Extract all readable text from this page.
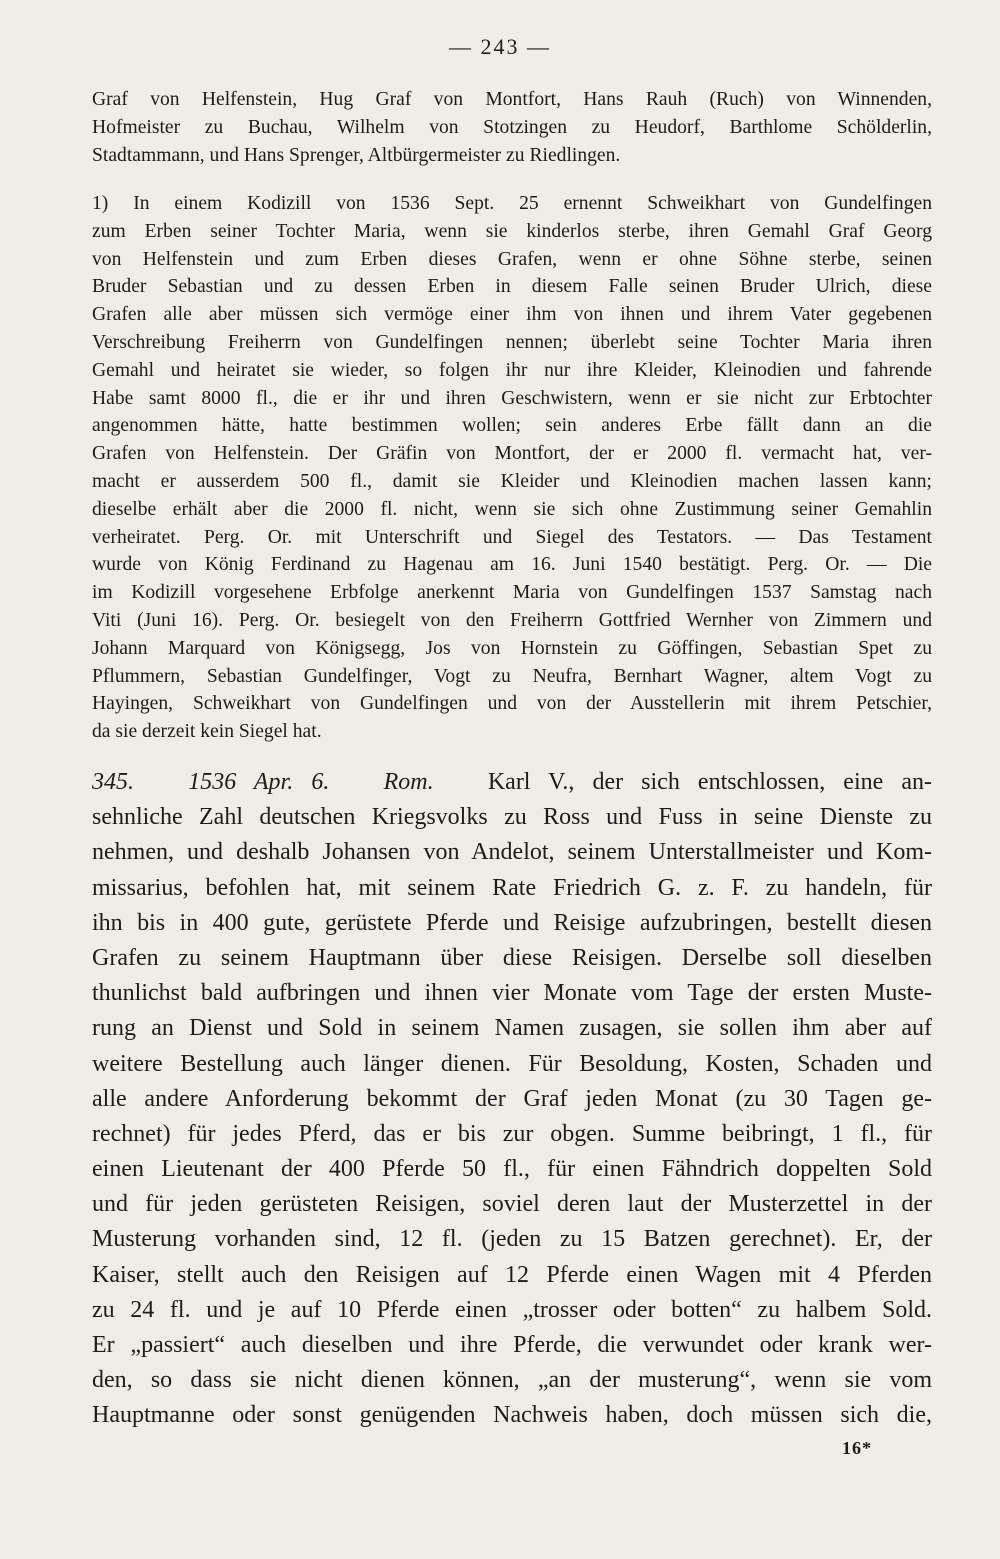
— 243 —
Graf von Helfenstein, Hug Graf von Montfort, Hans Rauh (Ruch) von Winnenden,
Hofmeister zu Buchau, Wilhelm von Stotzingen zu Heudorf, Barthlome Schölderlin,
Stadtammann, und Hans Sprenger, Altbürgermeister zu Riedlingen.
1) In einem Kodizill von 1536 Sept. 25 ernennt Schweikhart von Gundelfingen
zum Erben seiner Tochter Maria, wenn sie kinderlos sterbe, ihren Gemahl Graf Georg
von Helfenstein und zum Erben dieses Grafen, wenn er ohne Söhne sterbe, seinen
Bruder Sebastian und zu dessen Erben in diesem Falle seinen Bruder Ulrich, diese
Grafen alle aber müssen sich vermöge einer ihm von ihnen und ihrem Vater gegebenen
Verschreibung Freiherrn von Gundelfingen nennen; überlebt seine Tochter Maria ihren
Gemahl und heiratet sie wieder, so folgen ihr nur ihre Kleider, Kleinodien und fahrende
Habe samt 8000 fl., die er ihr und ihren Geschwistern, wenn er sie nicht zur Erbtochter
angenommen hätte, hatte bestimmen wollen; sein anderes Erbe fällt dann an die
Grafen von Helfenstein. Der Gräfin von Montfort, der er 2000 fl. vermacht hat, ver-
macht er ausserdem 500 fl., damit sie Kleider und Kleinodien machen lassen kann;
dieselbe erhält aber die 2000 fl. nicht, wenn sie sich ohne Zustimmung seiner Gemahlin
verheiratet. Perg. Or. mit Unterschrift und Siegel des Testators. — Das Testament
wurde von König Ferdinand zu Hagenau am 16. Juni 1540 bestätigt. Perg. Or. — Die
im Kodizill vorgesehene Erbfolge anerkennt Maria von Gundelfingen 1537 Samstag nach
Viti (Juni 16). Perg. Or. besiegelt von den Freiherrn Gottfried Wernher von Zimmern und
Johann Marquard von Königsegg, Jos von Hornstein zu Göffingen, Sebastian Spet zu
Pflummern, Sebastian Gundelfinger, Vogt zu Neufra, Bernhart Wagner, altem Vogt zu
Hayingen, Schweikhart von Gundelfingen und von der Ausstellerin mit ihrem Petschier,
da sie derzeit kein Siegel hat.
345. 1536 Apr. 6. Rom. Karl V., der sich entschlossen, eine an-
sehnliche Zahl deutschen Kriegsvolks zu Ross und Fuss in seine Dienste zu
nehmen, und deshalb Johansen von Andelot, seinem Unterstallmeister und Kom-
missarius, befohlen hat, mit seinem Rate Friedrich G. z. F. zu handeln, für
ihn bis in 400 gute, gerüstete Pferde und Reisige aufzubringen, bestellt diesen
Grafen zu seinem Hauptmann über diese Reisigen. Derselbe soll dieselben
thunlichst bald aufbringen und ihnen vier Monate vom Tage der ersten Muste-
rung an Dienst und Sold in seinem Namen zusagen, sie sollen ihm aber auf
weitere Bestellung auch länger dienen. Für Besoldung, Kosten, Schaden und
alle andere Anforderung bekommt der Graf jeden Monat (zu 30 Tagen ge-
rechnet) für jedes Pferd, das er bis zur obgen. Summe beibringt, 1 fl., für
einen Lieutenant der 400 Pferde 50 fl., für einen Fähndrich doppelten Sold
und für jeden gerüsteten Reisigen, soviel deren laut der Musterzettel in der
Musterung vorhanden sind, 12 fl. (jeden zu 15 Batzen gerechnet). Er, der
Kaiser, stellt auch den Reisigen auf 12 Pferde einen Wagen mit 4 Pferden
zu 24 fl. und je auf 10 Pferde einen „trosser oder botten“ zu halbem Sold.
Er „passiert“ auch dieselben und ihre Pferde, die verwundet oder krank wer-
den, so dass sie nicht dienen können, „an der musterung“, wenn sie vom
Hauptmanne oder sonst genügenden Nachweis haben, doch müssen sich die,
16*
